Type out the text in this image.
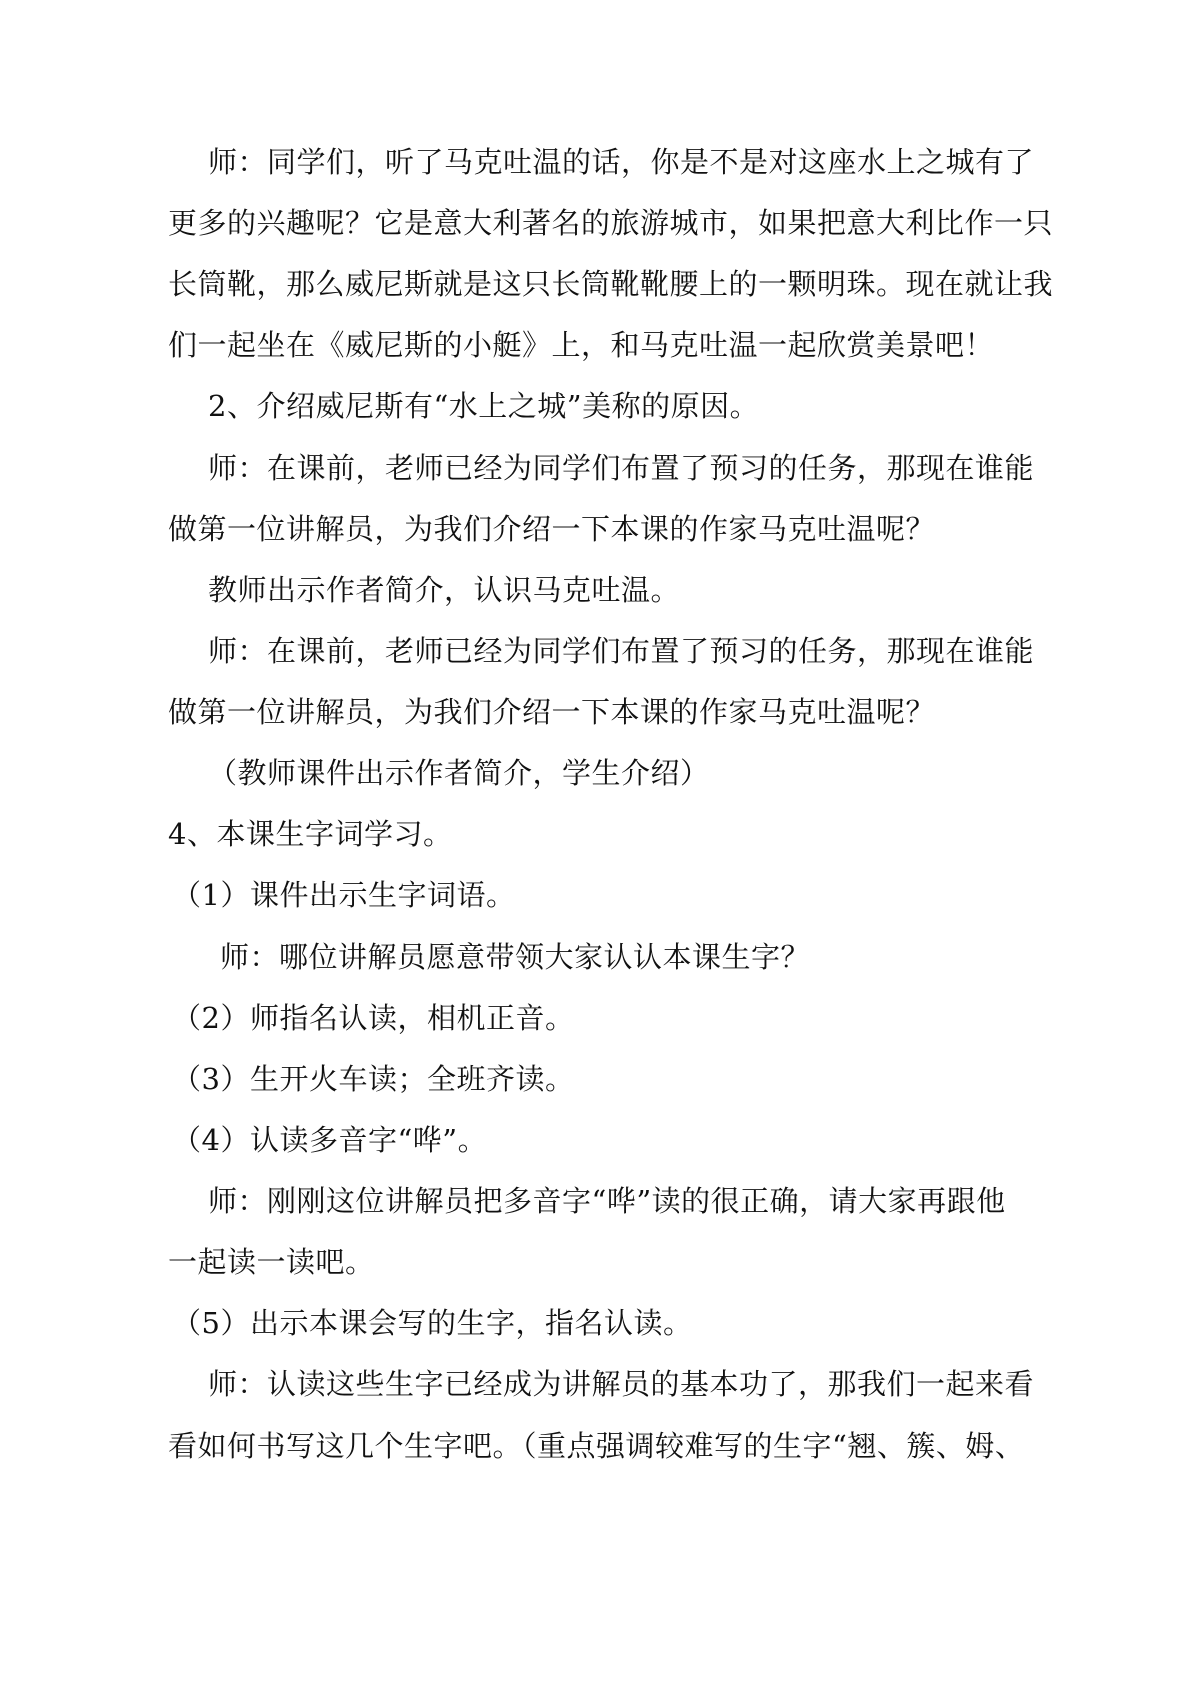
师：同学们，听了马克吐温的话，你是不是对这座水上之城有了
更多的兴趣呢？它是意大利著名的旅游城市，如果把意大利比作一只
长筒靴，那么威尼斯就是这只长筒靴靴腰上的一颗明珠。现在就让我
们一起坐在《威尼斯的小艇》上，和马克吐温一起欣赏美景吧！
2、介绍威尼斯有“水上之城”美称的原因。
师：在课前，老师已经为同学们布置了预习的任务，那现在谁能
做第一位讲解员，为我们介绍一下本课的作家马克吐温呢？
教师出示作者简介，认识马克吐温。
师：在课前，老师已经为同学们布置了预习的任务，那现在谁能
做第一位讲解员，为我们介绍一下本课的作家马克吐温呢？
（教师课件出示作者简介，学生介绍）
4、本课生字词学习。
（1）课件出示生字词语。
师：哪位讲解员愿意带领大家认认本课生字？
（2）师指名认读，相机正音。
（3）生开火车读；全班齐读。
（4）认读多音字“哗”。
师：刚刚这位讲解员把多音字“哗”读的很正确，请大家再跟他
一起读一读吧。
（5）出示本课会写的生字，指名认读。
师：认读这些生字已经成为讲解员的基本功了，那我们一起来看
看如何书写这几个生字吧。（重点强调较难写的生字“翘、簇、姆、
